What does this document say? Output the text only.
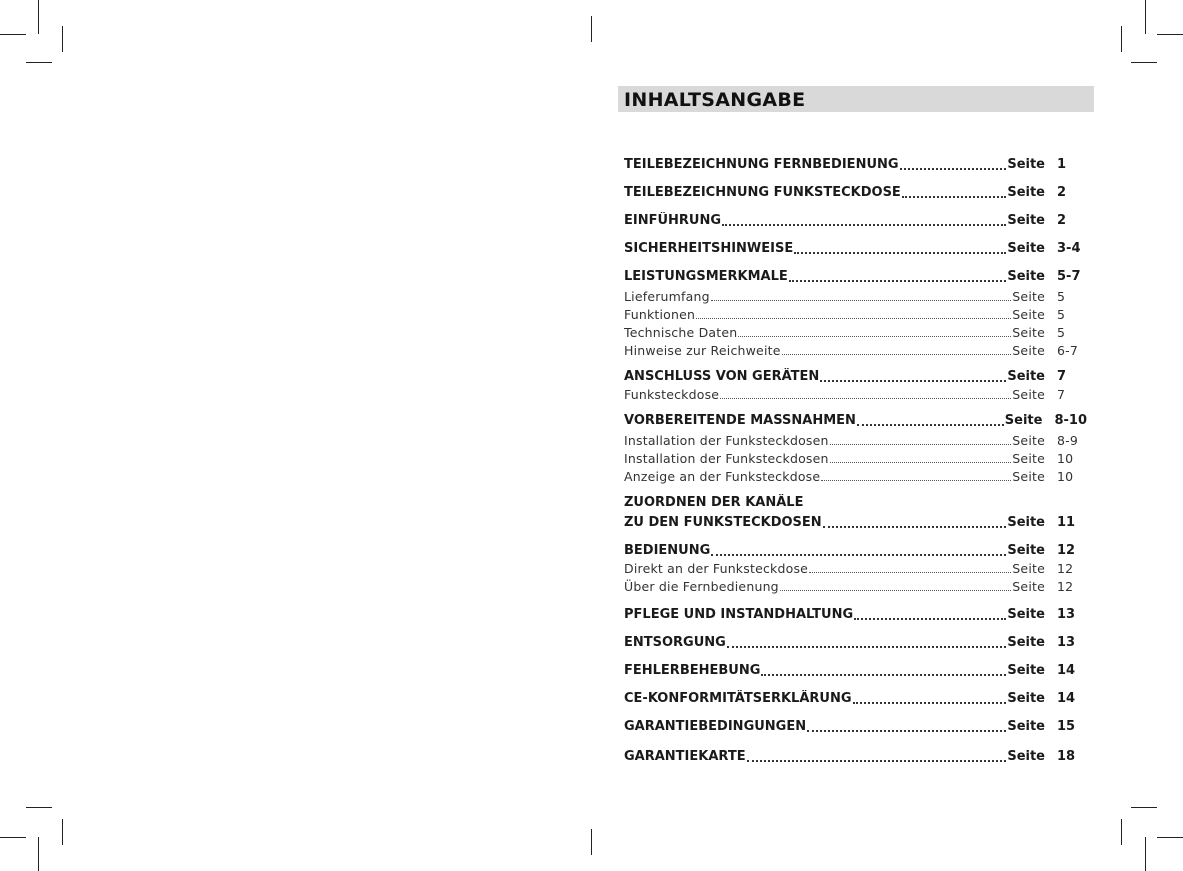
INHALTSANGABE
TEILEBEZEICHNUNG FERNBEDIENUNG	Seite 1
TEILEBEZEICHNUNG FUNKSTECKDOSE	Seite 2
EINFÜHRUNG	Seite 2
SICHERHEITSHINWEISE	Seite 3-4
LEISTUNGSMERKMALE	Seite 5-7
Lieferumfang	Seite 5
Funktionen	Seite 5
Technische Daten	Seite 5
Hinweise zur Reichweite	Seite 6-7
ANSCHLUSS VON GERÄTEN	Seite 7
Funksteckdose	Seite 7
VORBEREITENDE MASSNAHMEN	Seite 8-10
Installation der Funksteckdosen	Seite 8-9
Installation der Funksteckdosen	Seite 10
Anzeige an der Funksteckdose	Seite 10
ZUORDNEN DER KANÄLE
ZU DEN FUNKSTECKDOSEN	Seite 11
BEDIENUNG	Seite 12
Direkt an der Funksteckdose	Seite 12
Über die Fernbedienung	Seite 12
PFLEGE UND INSTANDHALTUNG	Seite 13
ENTSORGUNG	Seite 13
FEHLERBEHEBUNG	Seite 14
CE-KONFORMITÄTSERKLÄRUNG	Seite 14
GARANTIEBEDINGUNGEN	Seite 15
GARANTIEKARTE	Seite 18
